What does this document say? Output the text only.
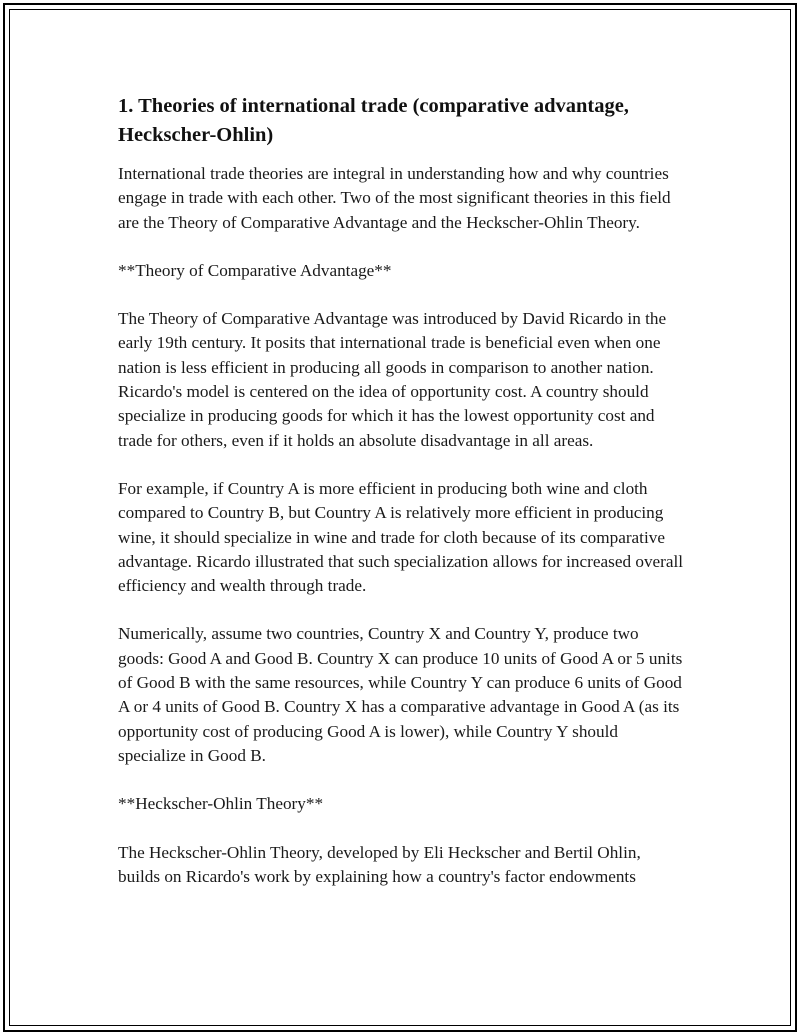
1. Theories of international trade (comparative advantage, Heckscher-Ohlin)

International trade theories are integral in understanding how and why countries engage in trade with each other. Two of the most significant theories in this field are the Theory of Comparative Advantage and the Heckscher-Ohlin Theory.

**Theory of Comparative Advantage**

The Theory of Comparative Advantage was introduced by David Ricardo in the early 19th century. It posits that international trade is beneficial even when one nation is less efficient in producing all goods in comparison to another nation. Ricardo's model is centered on the idea of opportunity cost. A country should specialize in producing goods for which it has the lowest opportunity cost and trade for others, even if it holds an absolute disadvantage in all areas.

For example, if Country A is more efficient in producing both wine and cloth compared to Country B, but Country A is relatively more efficient in producing wine, it should specialize in wine and trade for cloth because of its comparative advantage. Ricardo illustrated that such specialization allows for increased overall efficiency and wealth through trade.

Numerically, assume two countries, Country X and Country Y, produce two goods: Good A and Good B. Country X can produce 10 units of Good A or 5 units of Good B with the same resources, while Country Y can produce 6 units of Good A or 4 units of Good B. Country X has a comparative advantage in Good A (as its opportunity cost of producing Good A is lower), while Country Y should specialize in Good B.

**Heckscher-Ohlin Theory**

The Heckscher-Ohlin Theory, developed by Eli Heckscher and Bertil Ohlin, builds on Ricardo's work by explaining how a country's factor endowments
